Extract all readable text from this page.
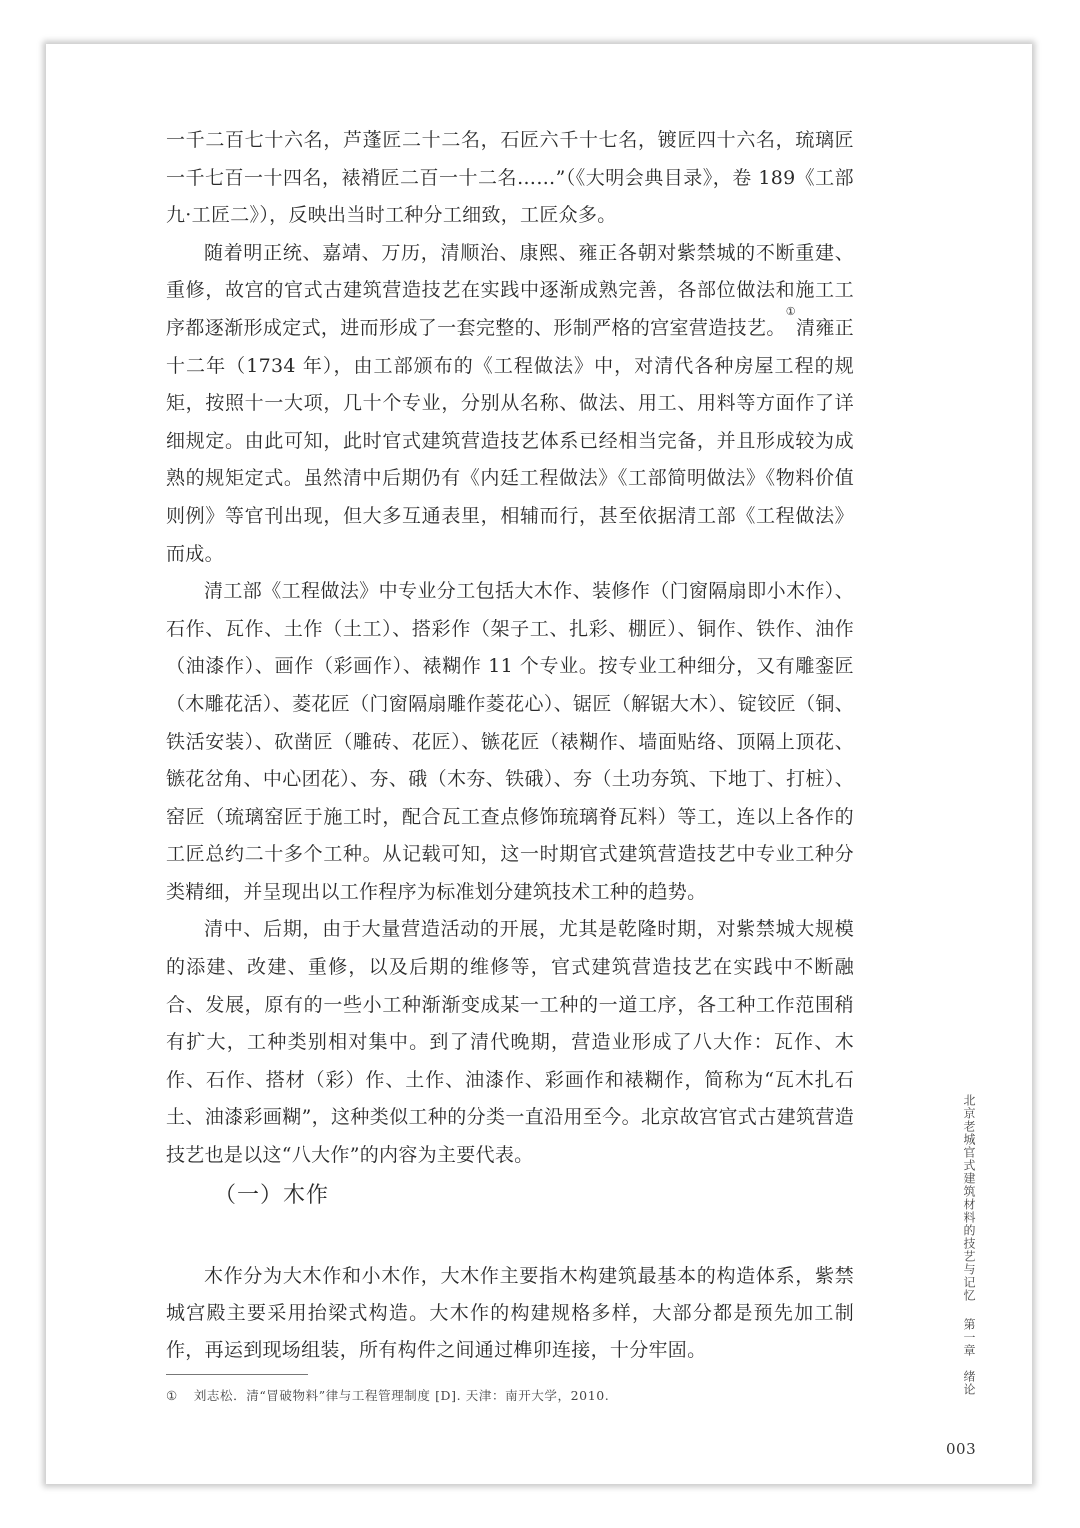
一千二百七十六名，芦蓬匠二十二名，石匠六千十七名，镀匠四十六名，琉璃匠一千七百一十四名，裱褙匠二百一十二名……”（《大明会典目录》，卷 189《工部九·工匠二》），反映出当时工种分工细致，工匠众多。

随着明正统、嘉靖、万历，清顺治、康熙、雍正各朝对紫禁城的不断重建、重修，故宫的官式古建筑营造技艺在实践中逐渐成熟完善，各部位做法和施工工序都逐渐形成定式，进而形成了一套完整的、形制严格的宫室营造技艺。①清雍正十二年（1734 年），由工部颁布的《工程做法》中，对清代各种房屋工程的规矩，按照十一大项，几十个专业，分别从名称、做法、用工、用料等方面作了详细规定。由此可知，此时官式建筑营造技艺体系已经相当完备，并且形成较为成熟的规矩定式。虽然清中后期仍有《内廷工程做法》《工部简明做法》《物料价值则例》等官刊出现，但大多互通表里，相辅而行，甚至依据清工部《工程做法》而成。

清工部《工程做法》中专业分工包括大木作、装修作（门窗隔扇即小木作）、石作、瓦作、土作（土工）、搭彩作（架子工、扎彩、棚匠）、铜作、铁作、油作（油漆作）、画作（彩画作）、裱糊作 11 个专业。按专业工种细分，又有雕銮匠（木雕花活）、菱花匠（门窗隔扇雕作菱花心）、锯匠（解锯大木）、锭铰匠（铜、铁活安装）、砍凿匠（雕砖、花匠）、镞花匠（裱糊作、墙面贴络、顶隔上顶花、镞花岔角、中心团花）、夯、硪（木夯、铁硪）、夯（土功夯筑、下地丁、打桩）、窑匠（琉璃窑匠于施工时，配合瓦工查点修饰琉璃脊瓦料）等工，连以上各作的工匠总约二十多个工种。从记载可知，这一时期官式建筑营造技艺中专业工种分类精细，并呈现出以工作程序为标准划分建筑技术工种的趋势。

清中、后期，由于大量营造活动的开展，尤其是乾隆时期，对紫禁城大规模的添建、改建、重修，以及后期的维修等，官式建筑营造技艺在实践中不断融合、发展，原有的一些小工种渐渐变成某一工种的一道工序，各工种工作范围稍有扩大，工种类别相对集中。到了清代晚期，营造业形成了八大作：瓦作、木作、石作、搭材（彩）作、土作、油漆作、彩画作和裱糊作，简称为“瓦木扎石土、油漆彩画糊”，这种类似工种的分类一直沿用至今。北京故宫官式古建筑营造技艺也是以这“八大作”的内容为主要代表。

（一）木作

木作分为大木作和小木作，大木作主要指木构建筑最基本的构造体系，紫禁城宫殿主要采用抬梁式构造。大木作的构建规格多样，大部分都是预先加工制作，再运到现场组装，所有构件之间通过榫卯连接，十分牢固。

① 刘志松．清“冒破物料”律与工程管理制度 [D]. 天津：南开大学，2010.
北京老城官式建筑材料的技艺与记忆第一章　绪论
003
